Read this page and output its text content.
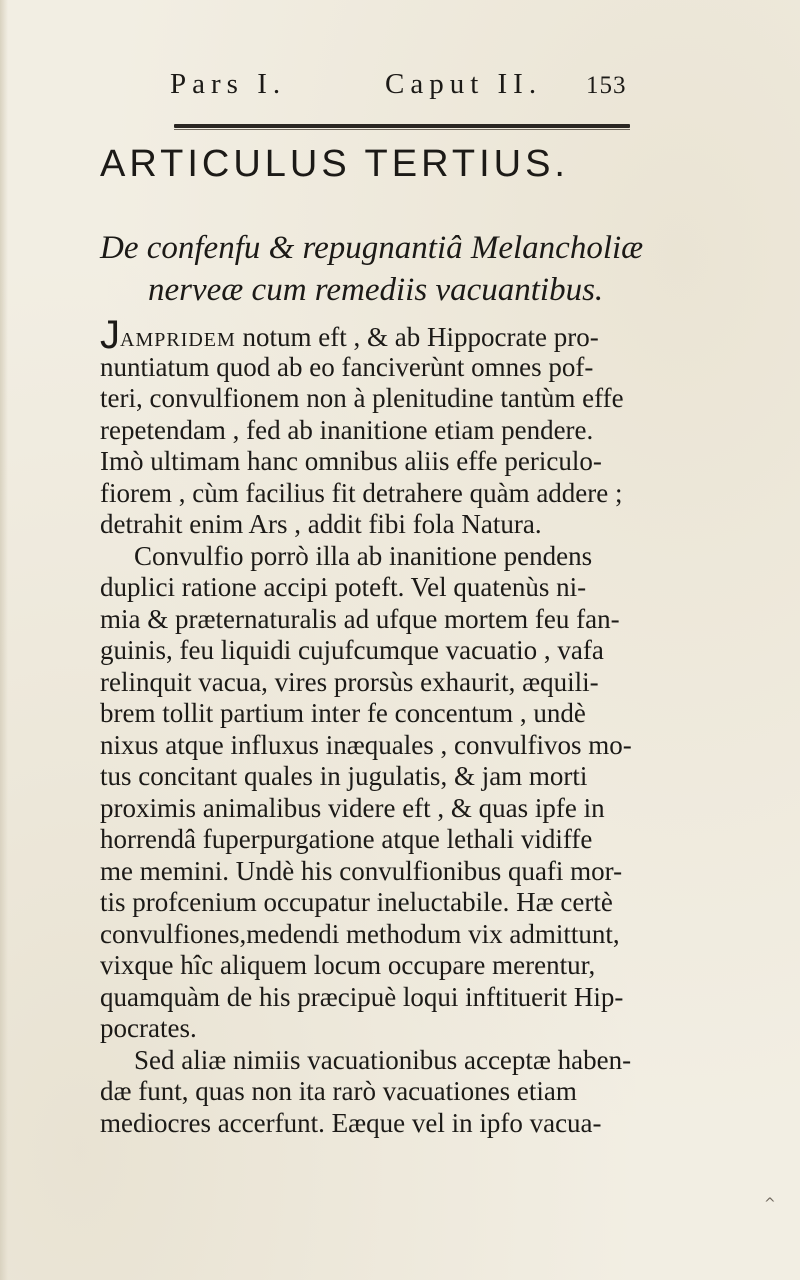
Pars I.	Caput II. 153
ARTICULUS TERTIUS.
De confenfu & repugnantiâ Melancholiæ
nerveæ cum remediis vacuantibus.
JAMPRIDEM notum eft , & ab Hippocrate pro-
nuntiatum quod ab eo fanciverùnt omnes pof-
teri, convulfionem non à plenitudine tantùm effe
repetendam , fed ab inanitione etiam pendere.
Imò ultimam hanc omnibus aliis effe periculo-
fiorem , cùm facilius fit detrahere quàm addere ;
detrahit enim Ars , addit fibi fola Natura.
Convulfio porrò illa ab inanitione pendens
duplici ratione accipi poteft. Vel quatenùs ni-
mia & præternaturalis ad ufque mortem feu fan-
guinis, feu liquidi cujufcumque vacuatio , vafa
relinquit vacua, vires prorsùs exhaurit, æquili-
brem tollit partium inter fe concentum , undè
nixus atque influxus inæquales , convulfivos mo-
tus concitant quales in jugulatis, & jam morti
proximis animalibus videre eft , & quas ipfe in
horrendâ fuperpurgatione atque lethali vidiffe
me memini. Undè his convulfionibus quafi mor-
tis profcenium occupatur ineluctabile. Hæ certè
convulfiones,medendi methodum vix admittunt,
vixque hîc aliquem locum occupare merentur,
quamquàm de his præcipuè loqui inftituerit Hip-
pocrates.
Sed aliæ nimiis vacuationibus acceptæ haben-
dæ funt, quas non ita rarò vacuationes etiam
mediocres accerfunt. Eæque vel in ipfo vacua-
^
